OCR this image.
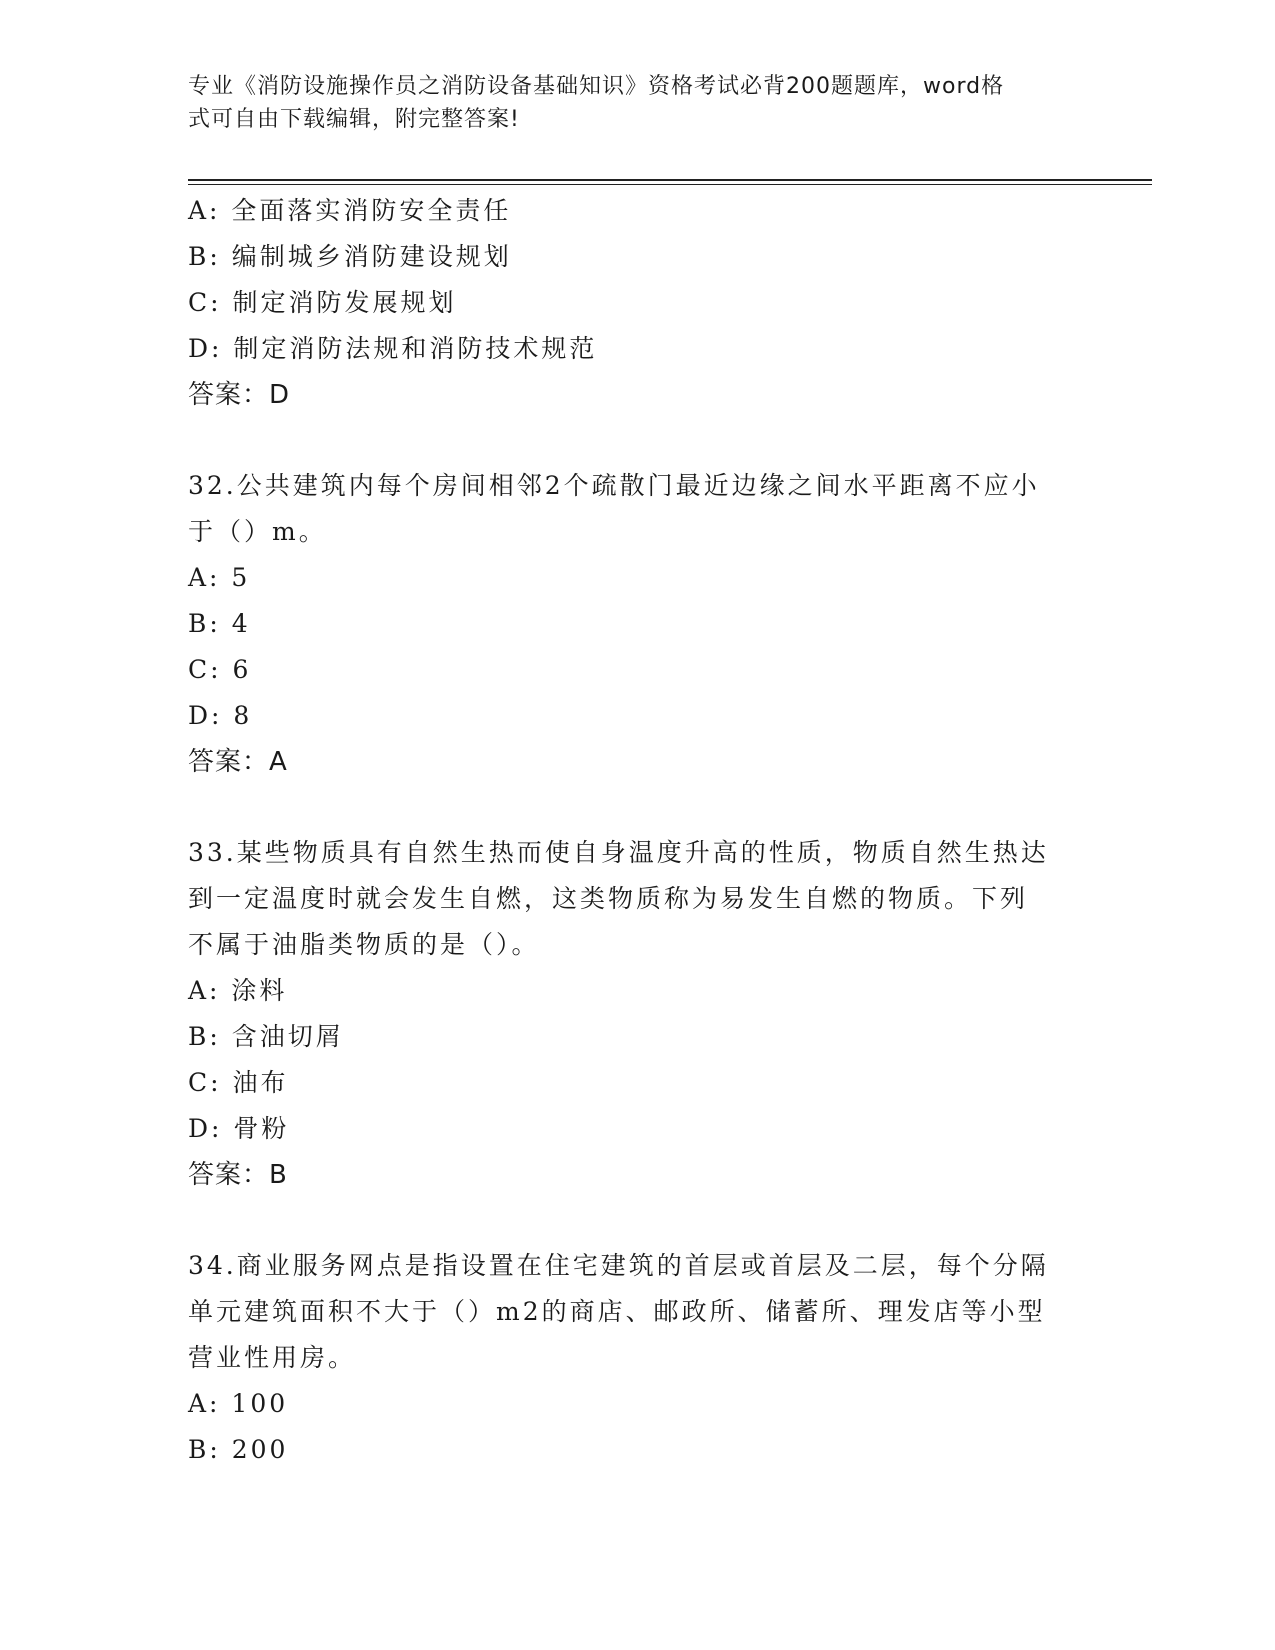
专业《消防设施操作员之消防设备基础知识》资格考试必背200题题库，word格
式可自由下载编辑，附完整答案!
A: 全面落实消防安全责任
B: 编制城乡消防建设规划
C: 制定消防发展规划
D: 制定消防法规和消防技术规范
答案：D
32.公共建筑内每个房间相邻2个疏散门最近边缘之间水平距离不应小
于（）m。
A: 5
B: 4
C: 6
D: 8
答案：A
33.某些物质具有自然生热而使自身温度升高的性质，物质自然生热达
到一定温度时就会发生自燃，这类物质称为易发生自燃的物质。下列
不属于油脂类物质的是（）。
A: 涂料
B: 含油切屑
C: 油布
D: 骨粉
答案：B
34.商业服务网点是指设置在住宅建筑的首层或首层及二层，每个分隔
单元建筑面积不大于（）m2的商店、邮政所、储蓄所、理发店等小型
营业性用房。
A: 100
B: 200
